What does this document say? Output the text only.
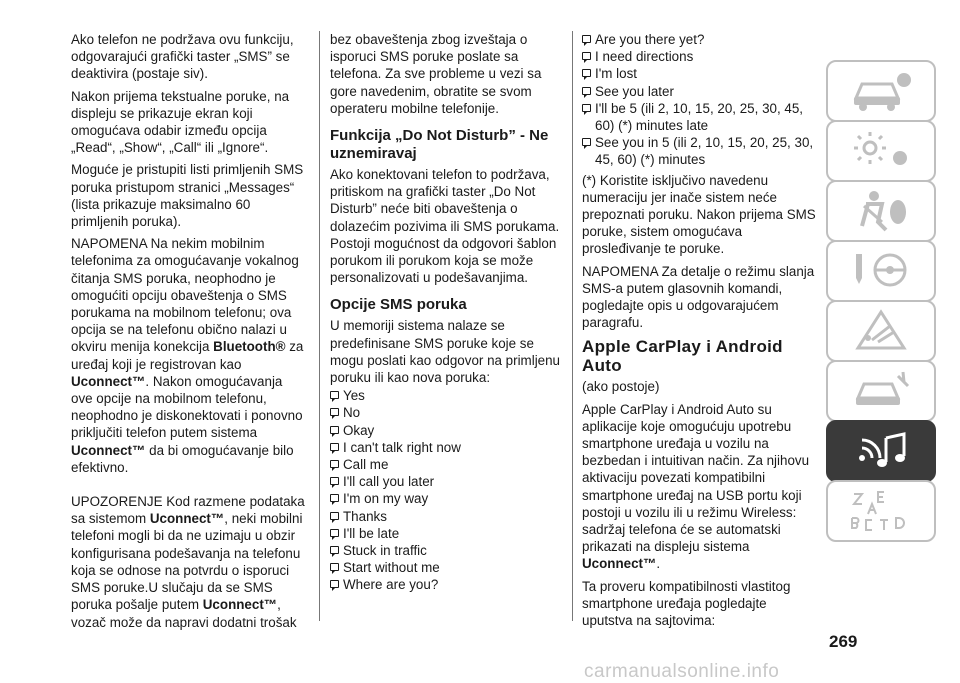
Ako telefon ne podržava ovu funkciju, odgovarajući grafički taster „SMS” se deaktivira (postaje siv).

Nakon prijema tekstualne poruke, na displeju se prikazuje ekran koji omogućava odabir između opcija „Read“, „Show“, „Call“ ili „Ignore“.

Moguće je pristupiti listi primljenih SMS poruka pristupom stranici „Messages“ (lista prikazuje maksimalno 60 primljenih poruka).

NAPOMENA Na nekim mobilnim telefonima za omogućavanje vokalnog čitanja SMS poruka, neophodno je omogućiti opciju obaveštenja o SMS porukama na mobilnom telefonu; ova opcija se na telefonu obično nalazi u okviru menija konekcija Bluetooth® za uređaj koji je registrovan kao Uconnect™. Nakon omogućavanja ove opcije na mobilnom telefonu, neophodno je diskonektovati i ponovno priključiti telefon putem sistema Uconnect™ da bi omogućavanje bilo efektivno.

UPOZORENJE Kod razmene podataka sa sistemom Uconnect™, neki mobilni telefoni mogli bi da ne uzimaju u obzir konfigurisana podešavanja na telefonu koja se odnose na potvrdu o isporuci SMS poruke.U slučaju da se SMS poruka pošalje putem Uconnect™, vozač može da napravi dodatni trošak

bez obaveštenja zbog izveštaja o isporuci SMS poruke poslate sa telefona. Za sve probleme u vezi sa gore navedenim, obratite se svom operateru mobilne telefonije.

Funkcija „Do Not Disturb” - Ne uznemiravaj

Ako konektovani telefon to podržava, pritiskom na grafički taster „Do Not Disturb” neće biti obaveštenja o dolazećim pozivima ili SMS porukama. Postoji mogućnost da odgovori šablon porukom ili porukom koja se može personalizovati u podešavanjima.

Opcije SMS poruka

U memoriji sistema nalaze se predefinisane SMS poruke koje se mogu poslati kao odgovor na primljenu poruku ili kao nova poruka:

Yes
No
Okay
I can't talk right now
Call me
I'll call you later
I'm on my way
Thanks
I'll be late
Stuck in traffic
Start without me
Where are you?
Are you there yet?
I need directions
I'm lost
See you later
I'll be 5 (ili 2, 10, 15, 20, 25, 30, 45, 60) (*) minutes late
See you in 5 (ili 2, 10, 15, 20, 25, 30, 45, 60) (*) minutes

(*) Koristite isključivo navedenu numeraciju jer inače sistem neće prepoznati poruku. Nakon prijema SMS poruke, sistem omogućava prosleđivanje te poruke.

NAPOMENA Za detalje o režimu slanja SMS-a putem glasovnih komandi, pogledajte opis u odgovarajućem paragrafu.

Apple CarPlay i Android Auto

(ako postoje)

Apple CarPlay i Android Auto su aplikacije koje omogućuju upotrebu smartphone uređaja u vozilu na bezbedan i intuitivan način. Za njihovu aktivaciju povezati kompatibilni smartphone uređaj na USB portu koji postoji u vozilu ili u režimu Wireless: sadržaj telefona će se automatski prikazati na displeju sistema Uconnect™.

Ta proveru kompatibilnosti vlastitog smartphone uređaja pogledajte uputstva na sajtovima:

269
carmanualsonline.info
